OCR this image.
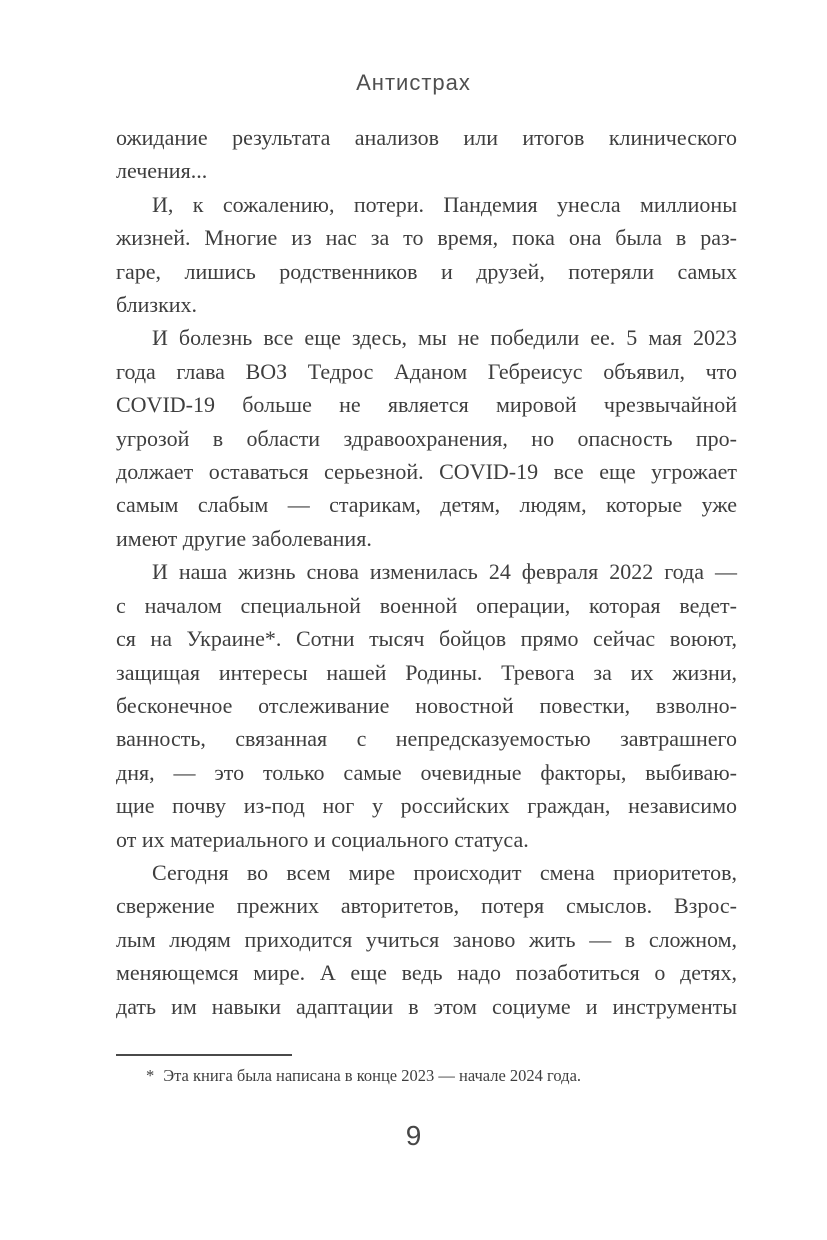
Антистрах
ожидание результата анализов или итогов клинического
лечения...
И, к сожалению, потери. Пандемия унесла миллионы
жизней. Многие из нас за то время, пока она была в раз-
гаре, лишись родственников и друзей, потеряли самых
близких.
И болезнь все еще здесь, мы не победили ее. 5 мая 2023
года глава ВОЗ Тедрос Аданом Гебреисус объявил, что
COVID-19 больше не является мировой чрезвычайной
угрозой в области здравоохранения, но опасность про-
должает оставаться серьезной. COVID-19 все еще угрожает
самым слабым — старикам, детям, людям, которые уже
имеют другие заболевания.
И наша жизнь снова изменилась 24 февраля 2022 года —
с началом специальной военной операции, которая ведет-
ся на Украине*. Сотни тысяч бойцов прямо сейчас воюют,
защищая интересы нашей Родины. Тревога за их жизни,
бесконечное отслеживание новостной повестки, взволно-
ванность, связанная с непредсказуемостью завтрашнего
дня, — это только самые очевидные факторы, выбиваю-
щие почву из-под ног у российских граждан, независимо
от их материального и социального статуса.
Сегодня во всем мире происходит смена приоритетов,
свержение прежних авторитетов, потеря смыслов. Взрос-
лым людям приходится учиться заново жить — в сложном,
меняющемся мире. А еще ведь надо позаботиться о детях,
дать им навыки адаптации в этом социуме и инструменты
* Эта книга была написана в конце 2023 — начале 2024 года.
9
